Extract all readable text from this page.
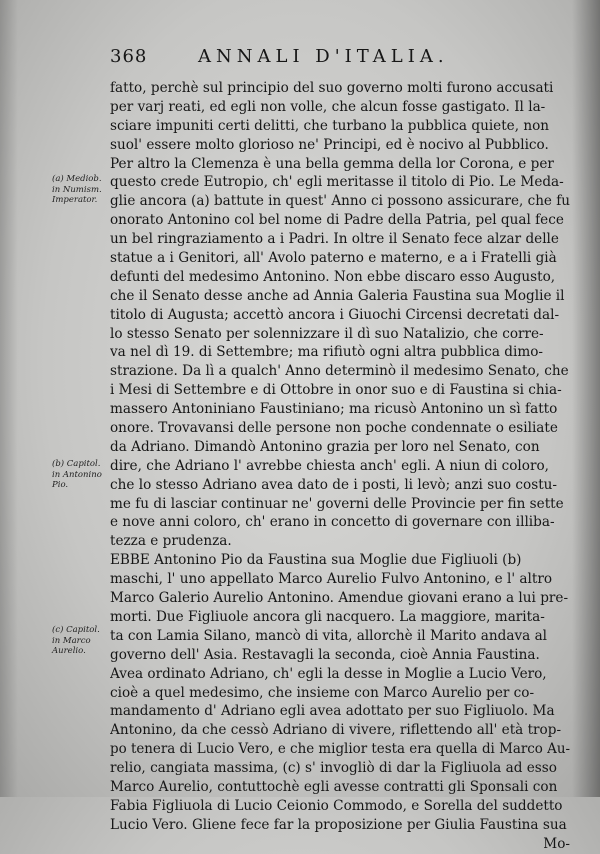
368	ANNALI D'ITALIA.
(a) Mediob.
in Numism.
Imperator.
(b) Capitol.
in Antonino
Pio.
(c) Capitol.
in Marco
Aurelio.
fatto, perchè sul principio del suo governo molti furono accusati
per varj reati, ed egli non volle, che alcun fosse gastigato. Il la-
sciare impuniti certi delitti, che turbano la pubblica quiete, non
suol' essere molto glorioso ne' Principi, ed è nocivo al Pubblico.
Per altro la Clemenza è una bella gemma della lor Corona, e per
questo crede Eutropio, ch' egli meritasse il titolo di Pio. Le Meda-
glie ancora (a) battute in quest' Anno ci possono assicurare, che fu
onorato Antonino col bel nome di Padre della Patria, pel qual fece
un bel ringraziamento a i Padri. In oltre il Senato fece alzar delle
statue a i Genitori, all' Avolo paterno e materno, e a i Fratelli già
defunti del medesimo Antonino. Non ebbe discaro esso Augusto,
che il Senato desse anche ad Annia Galeria Faustina sua Moglie il
titolo di Augusta; accettò ancora i Giuochi Circensi decretati dal-
lo stesso Senato per solennizzare il dì suo Natalizio, che corre-
va nel dì 19. di Settembre; ma rifiutò ogni altra pubblica dimo-
strazione. Da lì a qualch' Anno determinò il medesimo Senato, che
i Mesi di Settembre e di Ottobre in onor suo e di Faustina si chia-
massero Antoniniano Faustiniano; ma ricusò Antonino un sì fatto
onore. Trovavansi delle persone non poche condennate o esiliate
da Adriano. Dimandò Antonino grazia per loro nel Senato, con
dire, che Adriano l' avrebbe chiesta anch' egli. A niun di coloro,
che lo stesso Adriano avea dato de i posti, li levò; anzi suo costu-
me fu di lasciar continuar ne' governi delle Provincie per fin sette
e nove anni coloro, ch' erano in concetto di governare con illiba-
tezza e prudenza.
EBBE Antonino Pio da Faustina sua Moglie due Figliuoli (b)
maschi, l' uno appellato Marco Aurelio Fulvo Antonino, e l' altro
Marco Galerio Aurelio Antonino. Amendue giovani erano a lui pre-
morti. Due Figliuole ancora gli nacquero. La maggiore, marita-
ta con Lamia Silano, mancò di vita, allorchè il Marito andava al
governo dell' Asia. Restavagli la seconda, cioè Annia Faustina.
Avea ordinato Adriano, ch' egli la desse in Moglie a Lucio Vero,
cioè a quel medesimo, che insieme con Marco Aurelio per co-
mandamento d' Adriano egli avea adottato per suo Figliuolo. Ma
Antonino, da che cessò Adriano di vivere, riflettendo all' età trop-
po tenera di Lucio Vero, e che miglior testa era quella di Marco Au-
relio, cangiata massima, (c) s' invogliò di dar la Figliuola ad esso
Marco Aurelio, contuttochè egli avesse contratti gli Sponsali con
Fabia Figliuola di Lucio Ceionio Commodo, e Sorella del suddetto
Lucio Vero. Gliene fece far la proposizione per Giulia Faustina sua
Mo-
